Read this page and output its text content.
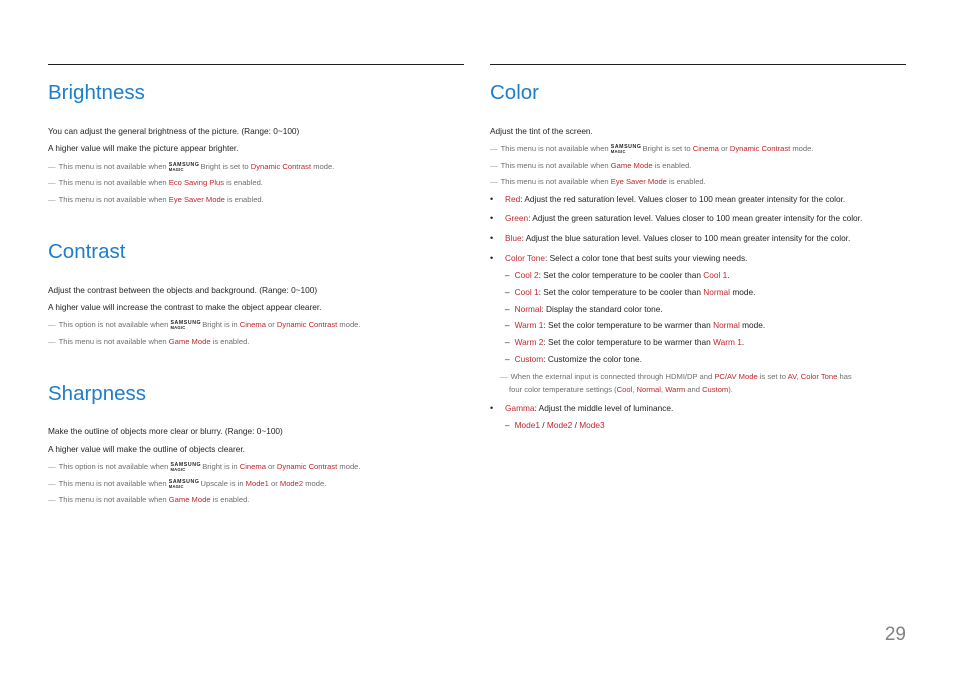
Brightness
You can adjust the general brightness of the picture. (Range: 0~100)
A higher value will make the picture appear brighter.
― This menu is not available when SAMSUNG
MAGIC Bright is set to Dynamic Contrast mode.
― This menu is not available when Eco Saving Plus is enabled.
― This menu is not available when Eye Saver Mode is enabled.
Contrast
Adjust the contrast between the objects and background. (Range: 0~100)
A higher value will increase the contrast to make the object appear clearer.
― This option is not available when SAMSUNG
MAGIC Bright is in Cinema or Dynamic Contrast mode.
― This menu is not available when Game Mode is enabled.
Sharpness
Make the outline of objects more clear or blurry. (Range: 0~100)
A higher value will make the outline of objects clearer.
― This option is not available when SAMSUNG
MAGIC Bright is in Cinema or Dynamic Contrast mode.
― This menu is not available when SAMSUNG
MAGIC Upscale is in Mode1 or Mode2 mode.
― This menu is not available when Game Mode is enabled.
Color
Adjust the tint of the screen.
― This menu is not available when SAMSUNG
MAGIC Bright is set to Cinema or Dynamic Contrast mode.
― This menu is not available when Game Mode is enabled.
― This menu is not available when Eye Saver Mode is enabled.
• Red: Adjust the red saturation level. Values closer to 100 mean greater intensity for the color.
• Green: Adjust the green saturation level. Values closer to 100 mean greater intensity for the color.
• Blue: Adjust the blue saturation level. Values closer to 100 mean greater intensity for the color.
• Color Tone: Select a color tone that best suits your viewing needs.
– Cool 2: Set the color temperature to be cooler than Cool 1.
– Cool 1: Set the color temperature to be cooler than Normal mode.
– Normal: Display the standard color tone.
– Warm 1: Set the color temperature to be warmer than Normal mode.
– Warm 2: Set the color temperature to be warmer than Warm 1.
– Custom: Customize the color tone.
― When the external input is connected through HDMI/DP and PC/AV Mode is set to AV, Color Tone has
four color temperature settings (Cool, Normal, Warm and Custom).
• Gamma: Adjust the middle level of luminance.
– Mode1 / Mode2 / Mode3
29
